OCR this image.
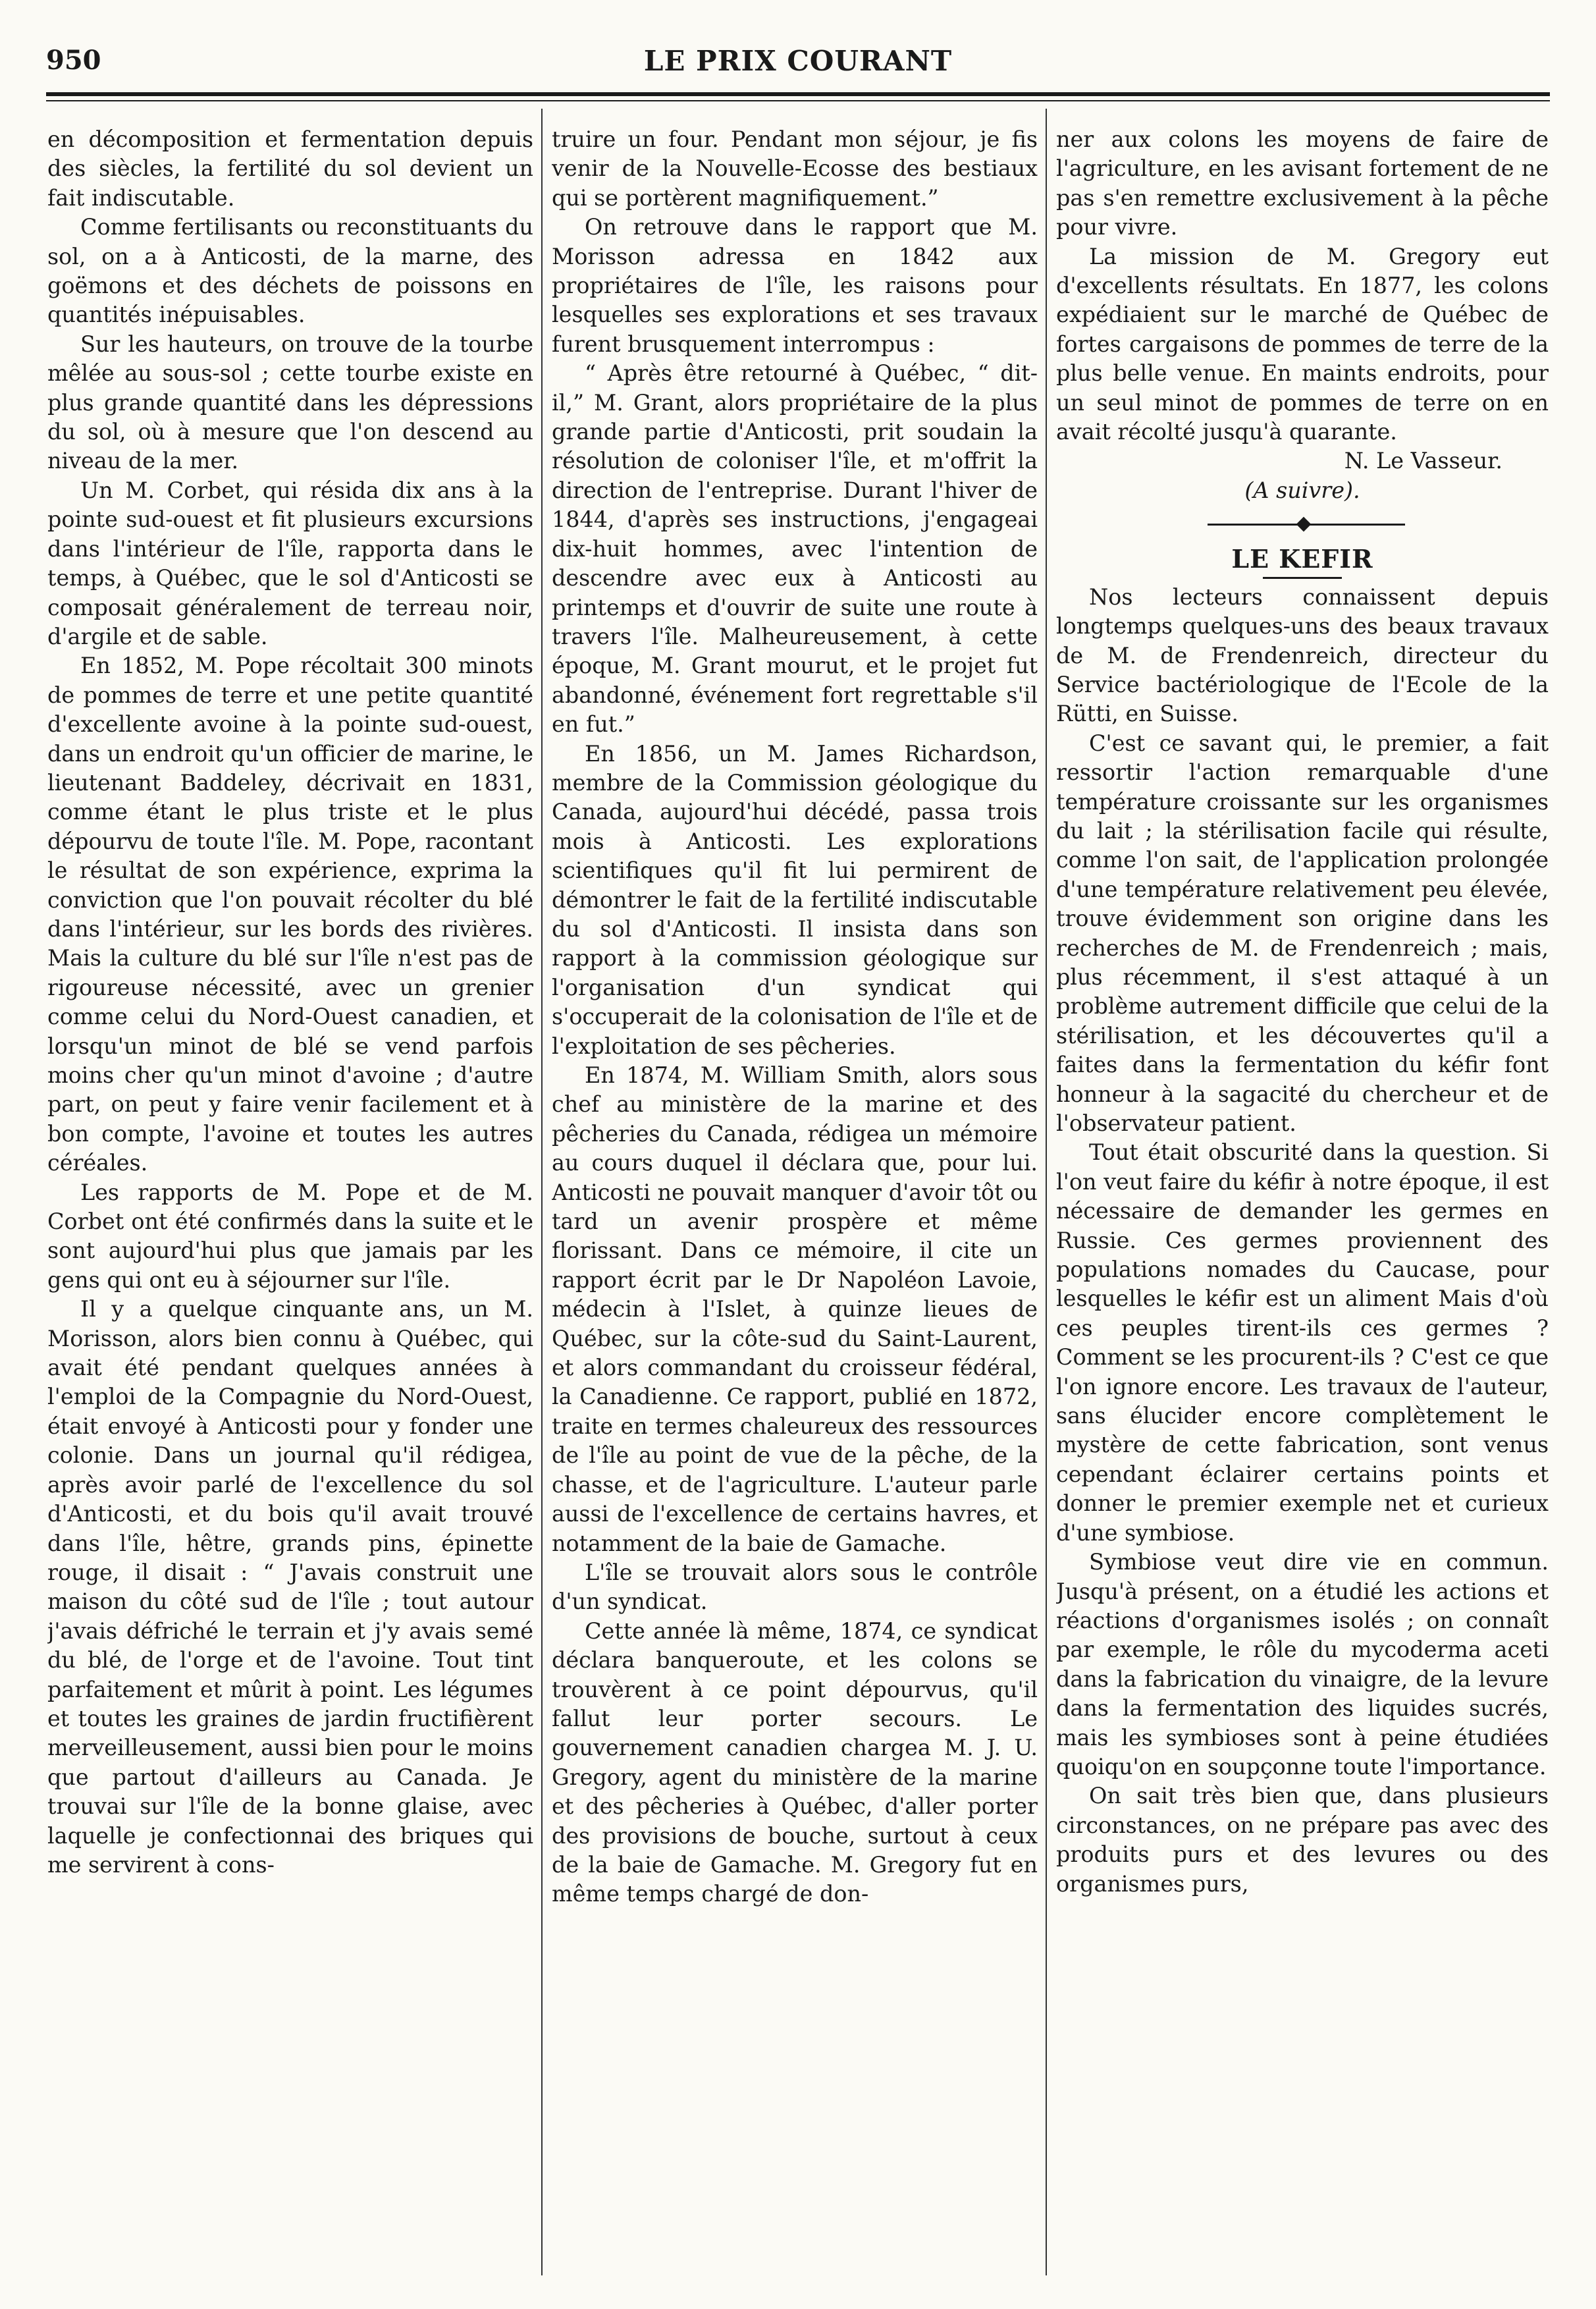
950	LE PRIX COURANT

en décomposition et fermentation depuis des siècles, la fertilité du sol devient un fait indiscutable.

Comme fertilisants ou reconstituants du sol, on a à Anticosti, de la marne, des goëmons et des déchets de poissons en quantités inépuisables.

Sur les hauteurs, on trouve de la tourbe mêlée au sous-sol ; cette tourbe existe en plus grande quantité dans les dépressions du sol, où à mesure que l'on descend au niveau de la mer.

Un M. Corbet, qui résida dix ans à la pointe sud-ouest et fit plusieurs excursions dans l'intérieur de l'île, rapporta dans le temps, à Québec, que le sol d'Anticosti se composait généralement de terreau noir, d'argile et de sable.

En 1852, M. Pope récoltait 300 minots de pommes de terre et une petite quantité d'excellente avoine à la pointe sud-ouest, dans un endroit qu'un officier de marine, le lieutenant Baddeley, décrivait en 1831, comme étant le plus triste et le plus dépourvu de toute l'île. M. Pope, racontant le résultat de son expérience, exprima la conviction que l'on pouvait récolter du blé dans l'intérieur, sur les bords des rivières. Mais la culture du blé sur l'île n'est pas de rigoureuse nécessité, avec un grenier comme celui du Nord-Ouest canadien, et lorsqu'un minot de blé se vend parfois moins cher qu'un minot d'avoine ; d'autre part, on peut y faire venir facilement et à bon compte, l'avoine et toutes les autres céréales.

Les rapports de M. Pope et de M. Corbet ont été confirmés dans la suite et le sont aujourd'hui plus que jamais par les gens qui ont eu à séjourner sur l'île.

Il y a quelque cinquante ans, un M. Morisson, alors bien connu à Québec, qui avait été pendant quelques années à l'emploi de la Compagnie du Nord-Ouest, était envoyé à Anticosti pour y fonder une colonie. Dans un journal qu'il rédigea, après avoir parlé de l'excellence du sol d'Anticosti, et du bois qu'il avait trouvé dans l'île, hêtre, grands pins, épinette rouge, il disait : “ J'avais construit une maison du côté sud de l'île ; tout autour j'avais défriché le terrain et j'y avais semé du blé, de l'orge et de l'avoine. Tout tint parfaitement et mûrit à point. Les légumes et toutes les graines de jardin fructifièrent merveilleusement, aussi bien pour le moins que partout d'ailleurs au Canada. Je trouvai sur l'île de la bonne glaise, avec laquelle je confectionnai des briques qui me servirent à cons-

truire un four. Pendant mon séjour, je fis venir de la Nouvelle-Ecosse des bestiaux qui se portèrent magnifiquement.”

On retrouve dans le rapport que M. Morisson adressa en 1842 aux propriétaires de l'île, les raisons pour lesquelles ses explorations et ses travaux furent brusquement interrompus :

“ Après être retourné à Québec, “ dit-il,” M. Grant, alors propriétaire de la plus grande partie d'Anticosti, prit soudain la résolution de coloniser l'île, et m'offrit la direction de l'entreprise. Durant l'hiver de 1844, d'après ses instructions, j'engageai dix-huit hommes, avec l'intention de descendre avec eux à Anticosti au printemps et d'ouvrir de suite une route à travers l'île. Malheureusement, à cette époque, M. Grant mourut, et le projet fut abandonné, événement fort regrettable s'il en fut.”

En 1856, un M. James Richardson, membre de la Commission géologique du Canada, aujourd'hui décédé, passa trois mois à Anticosti. Les explorations scientifiques qu'il fit lui permirent de démontrer le fait de la fertilité indiscutable du sol d'Anticosti. Il insista dans son rapport à la commission géologique sur l'organisation d'un syndicat qui s'occuperait de la colonisation de l'île et de l'exploitation de ses pêcheries.

En 1874, M. William Smith, alors sous chef au ministère de la marine et des pêcheries du Canada, rédigea un mémoire au cours duquel il déclara que, pour lui. Anticosti ne pouvait manquer d'avoir tôt ou tard un avenir prospère et même florissant. Dans ce mémoire, il cite un rapport écrit par le Dr Napoléon Lavoie, médecin à l'Islet, à quinze lieues de Québec, sur la côte-sud du Saint-Laurent, et alors commandant du croisseur fédéral, la Canadienne. Ce rapport, publié en 1872, traite en termes chaleureux des ressources de l'île au point de vue de la pêche, de la chasse, et de l'agriculture. L'auteur parle aussi de l'excellence de certains havres, et notamment de la baie de Gamache.

L'île se trouvait alors sous le contrôle d'un syndicat.

Cette année là même, 1874, ce syndicat déclara banqueroute, et les colons se trouvèrent à ce point dépourvus, qu'il fallut leur porter secours. Le gouvernement canadien chargea M. J. U. Gregory, agent du ministère de la marine et des pêcheries à Québec, d'aller porter des provisions de bouche, surtout à ceux de la baie de Gamache. M. Gregory fut en même temps chargé de don-

ner aux colons les moyens de faire de l'agriculture, en les avisant fortement de ne pas s'en remettre exclusivement à la pêche pour vivre.

La mission de M. Gregory eut d'excellents résultats. En 1877, les colons expédiaient sur le marché de Québec de fortes cargaisons de pommes de terre de la plus belle venue. En maints endroits, pour un seul minot de pommes de terre on en avait récolté jusqu'à quarante.

N. Le Vasseur.

(A suivre).

LE KEFIR

Nos lecteurs connaissent depuis longtemps quelques-uns des beaux travaux de M. de Frendenreich, directeur du Service bactériologique de l'Ecole de la Rütti, en Suisse.

C'est ce savant qui, le premier, a fait ressortir l'action remarquable d'une température croissante sur les organismes du lait ; la stérilisation facile qui résulte, comme l'on sait, de l'application prolongée d'une température relativement peu élevée, trouve évidemment son origine dans les recherches de M. de Frendenreich ; mais, plus récemment, il s'est attaqué à un problème autrement difficile que celui de la stérilisation, et les découvertes qu'il a faites dans la fermentation du kéfir font honneur à la sagacité du chercheur et de l'observateur patient.

Tout était obscurité dans la question. Si l'on veut faire du kéfir à notre époque, il est nécessaire de demander les germes en Russie. Ces germes proviennent des populations nomades du Caucase, pour lesquelles le kéfir est un aliment Mais d'où ces peuples tirent-ils ces germes ? Comment se les procurent-ils ? C'est ce que l'on ignore encore. Les travaux de l'auteur, sans élucider encore complètement le mystère de cette fabrication, sont venus cependant éclairer certains points et donner le premier exemple net et curieux d'une symbiose.

Symbiose veut dire vie en commun. Jusqu'à présent, on a étudié les actions et réactions d'organismes isolés ; on connaît par exemple, le rôle du mycoderma aceti dans la fabrication du vinaigre, de la levure dans la fermentation des liquides sucrés, mais les symbioses sont à peine étudiées quoiqu'on en soupçonne toute l'importance.

On sait très bien que, dans plusieurs circonstances, on ne prépare pas avec des produits purs et des levures ou des organismes purs,
